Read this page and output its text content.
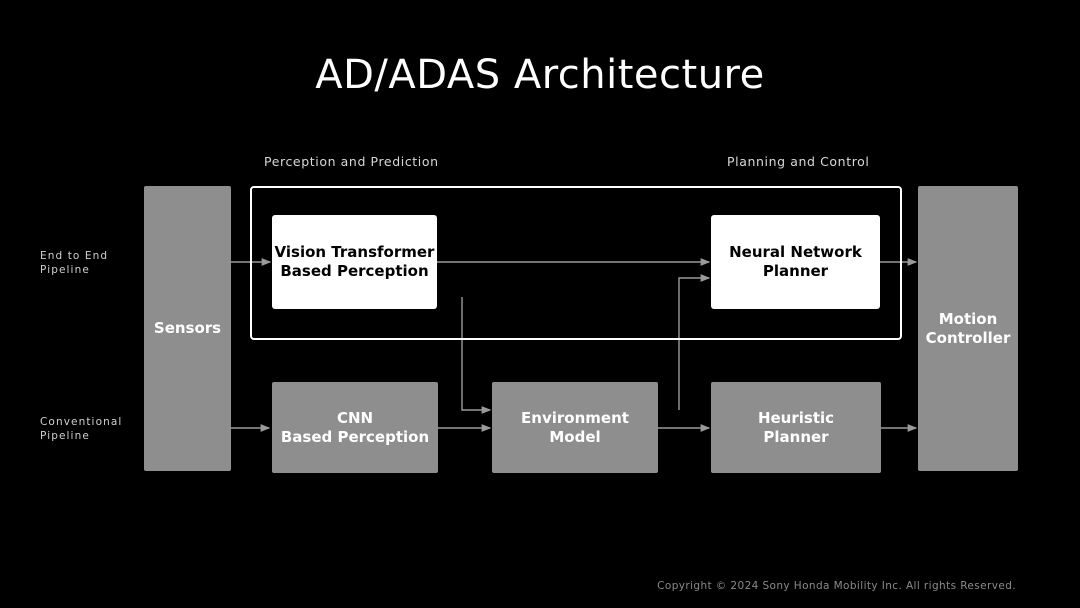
AD/ADAS Architecture
Perception and Prediction	Planning and Control
End to End
Pipeline
Conventional
Pipeline
Sensors
Vision Transformer
Based Perception
Neural Network
Planner
CNN
Based Perception
Environment
Model
Heuristic
Planner
Motion
Controller
Copyright © 2024 Sony Honda Mobility Inc. All rights Reserved.
